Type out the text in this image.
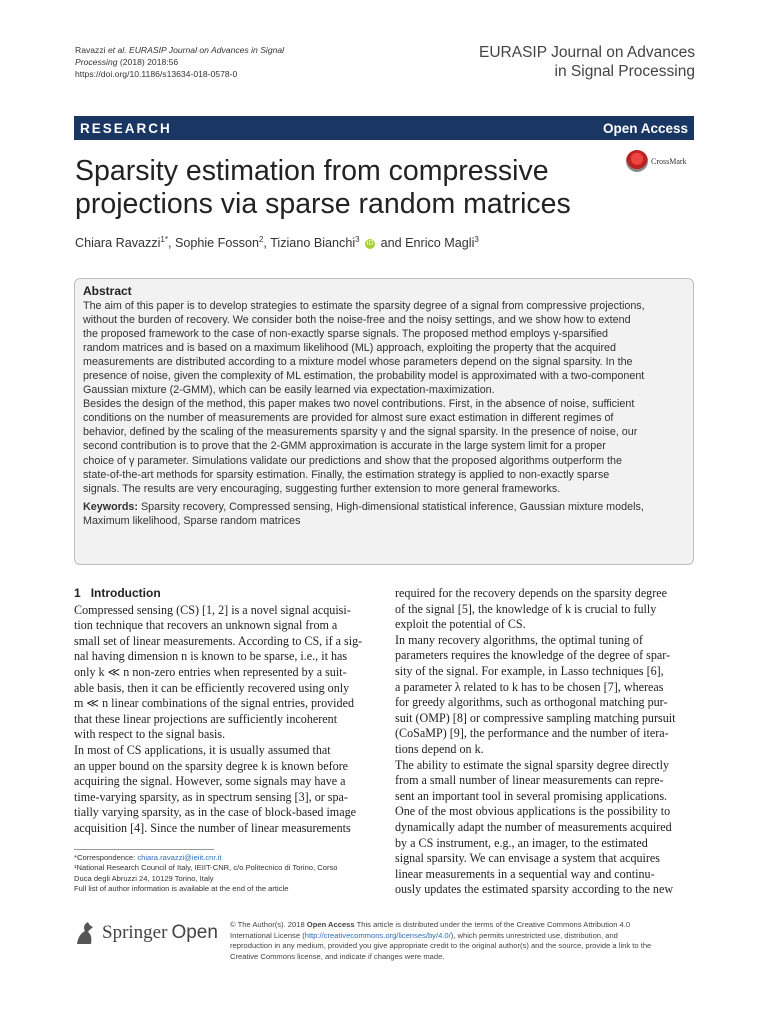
Ravazzi et al. EURASIP Journal on Advances in Signal
Processing (2018) 2018:56
https://doi.org/10.1186/s13634-018-0578-0
EURASIP Journal on Advances
in Signal Processing
RESEARCH	Open Access
Sparsity estimation from compressive
projections via sparse random matrices
CrossMark
Chiara Ravazzi$^{1*}$, Sophie Fosson$^2$, Tiziano Bianchi$^3$ iD and Enrico Magli$^3$
Abstract
The aim of this paper is to develop strategies to estimate the sparsity degree of a signal from compressive projections,
without the burden of recovery. We consider both the noise-free and the noisy settings, and we show how to extend
the proposed framework to the case of non-exactly sparse signals. The proposed method employs γ-sparsified
random matrices and is based on a maximum likelihood (ML) approach, exploiting the property that the acquired
measurements are distributed according to a mixture model whose parameters depend on the signal sparsity. In the
presence of noise, given the complexity of ML estimation, the probability model is approximated with a two-component
Gaussian mixture (2-GMM), which can be easily learned via expectation-maximization.
Besides the design of the method, this paper makes two novel contributions. First, in the absence of noise, sufficient
conditions on the number of measurements are provided for almost sure exact estimation in different regimes of
behavior, defined by the scaling of the measurements sparsity γ and the signal sparsity. In the presence of noise, our
second contribution is to prove that the 2-GMM approximation is accurate in the large system limit for a proper
choice of γ parameter. Simulations validate our predictions and show that the proposed algorithms outperform the
state-of-the-art methods for sparsity estimation. Finally, the estimation strategy is applied to non-exactly sparse
signals. The results are very encouraging, suggesting further extension to more general frameworks.
Keywords: Sparsity recovery, Compressed sensing, High-dimensional statistical inference, Gaussian mixture models,
Maximum likelihood, Sparse random matrices
1 Introduction
Compressed sensing (CS) [1, 2] is a novel signal acquisi-
tion technique that recovers an unknown signal from a
small set of linear measurements. According to CS, if a sig-
nal having dimension n is known to be sparse, i.e., it has
only k ≪ n non-zero entries when represented by a suit-
able basis, then it can be efficiently recovered using only
m ≪ n linear combinations of the signal entries, provided
that these linear projections are sufficiently incoherent
with respect to the signal basis.
In most of CS applications, it is usually assumed that
an upper bound on the sparsity degree k is known before
acquiring the signal. However, some signals may have a
time-varying sparsity, as in spectrum sensing [3], or spa-
tially varying sparsity, as in the case of block-based image
acquisition [4]. Since the number of linear measurements
required for the recovery depends on the sparsity degree
of the signal [5], the knowledge of k is crucial to fully
exploit the potential of CS.
In many recovery algorithms, the optimal tuning of
parameters requires the knowledge of the degree of spar-
sity of the signal. For example, in Lasso techniques [6],
a parameter λ related to k has to be chosen [7], whereas
for greedy algorithms, such as orthogonal matching pur-
suit (OMP) [8] or compressive sampling matching pursuit
(CoSaMP) [9], the performance and the number of itera-
tions depend on k.
The ability to estimate the signal sparsity degree directly
from a small number of linear measurements can repre-
sent an important tool in several promising applications.
One of the most obvious applications is the possibility to
dynamically adapt the number of measurements acquired
by a CS instrument, e.g., an imager, to the estimated
signal sparsity. We can envisage a system that acquires
linear measurements in a sequential way and continu-
ously updates the estimated sparsity according to the new
*Correspondence: chiara.ravazzi@ieiit.cnr.it
¹National Research Council of Italy, IEIIT-CNR, c/o Politecnico di Torino, Corso
Duca degli Abruzzi 24, 10129 Torino, Italy
Full list of author information is available at the end of the article
Springer Open © The Author(s). 2018 Open Access This article is distributed under the terms of the Creative Commons Attribution 4.0
International License (http://creativecommons.org/licenses/by/4.0/), which permits unrestricted use, distribution, and
reproduction in any medium, provided you give appropriate credit to the original author(s) and the source, provide a link to the
Creative Commons license, and indicate if changes were made.
